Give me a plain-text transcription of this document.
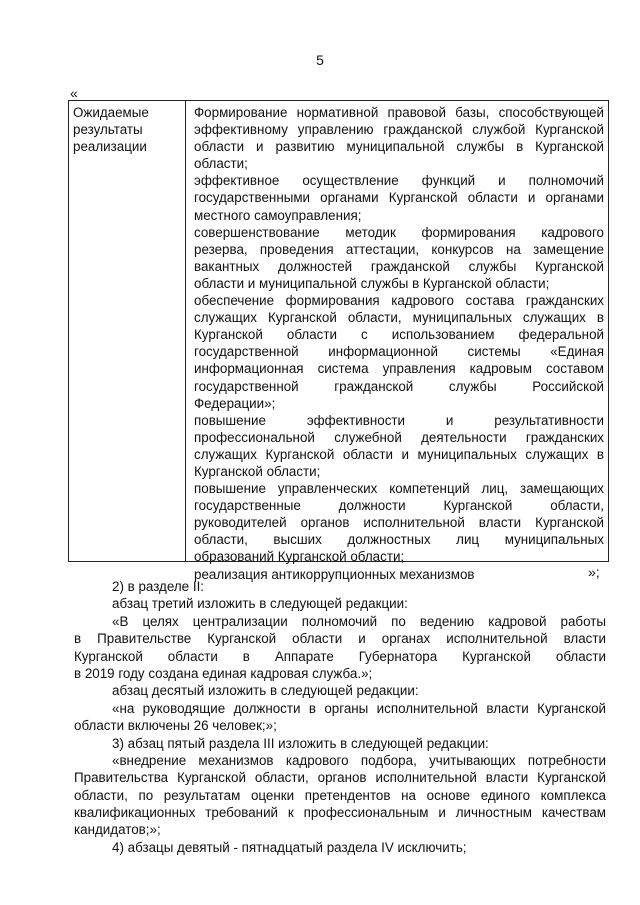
5
«
Ожидаемые
результаты
реализации
Формирование нормативной правовой базы, способствующей
эффективному управлению гражданской службой Курганской
области и развитию муниципальной службы в Курганской
области;
эффективное осуществление функций и полномочий
государственными органами Курганской области и органами
местного самоуправления;
совершенствование методик формирования кадрового
резерва, проведения аттестации, конкурсов на замещение
вакантных должностей гражданской службы Курганской
области и муниципальной службы в Курганской области;
обеспечение формирования кадрового состава гражданских
служащих Курганской области, муниципальных служащих в
Курганской области с использованием федеральной
государственной информационной системы «Единая
информационная система управления кадровым составом
государственной гражданской службы Российской
Федерации»;
повышение эффективности и результативности
профессиональной служебной деятельности гражданских
служащих Курганской области и муниципальных служащих в
Курганской области;
повышение управленческих компетенций лиц, замещающих
государственные должности Курганской области,
руководителей органов исполнительной власти Курганской
области, высших должностных лиц муниципальных
образований Курганской области;
реализация антикоррупционных механизмов	»;
2) в разделе II:
абзац третий изложить в следующей редакции:
«В целях централизации полномочий по ведению кадровой работы
в Правительстве Курганской области и органах исполнительной власти
Курганской области в Аппарате Губернатора Курганской области
в 2019 году создана единая кадровая служба.»;
абзац десятый изложить в следующей редакции:
«на руководящие должности в органы исполнительной власти Курганской
области включены 26 человек;»;
3) абзац пятый раздела III изложить в следующей редакции:
«внедрение механизмов кадрового подбора, учитывающих потребности
Правительства Курганской области, органов исполнительной власти Курганской
области, по результатам оценки претендентов на основе единого комплекса
квалификационных требований к профессиональным и личностным качествам
кандидатов;»;
4) абзацы девятый - пятнадцатый раздела IV исключить;
